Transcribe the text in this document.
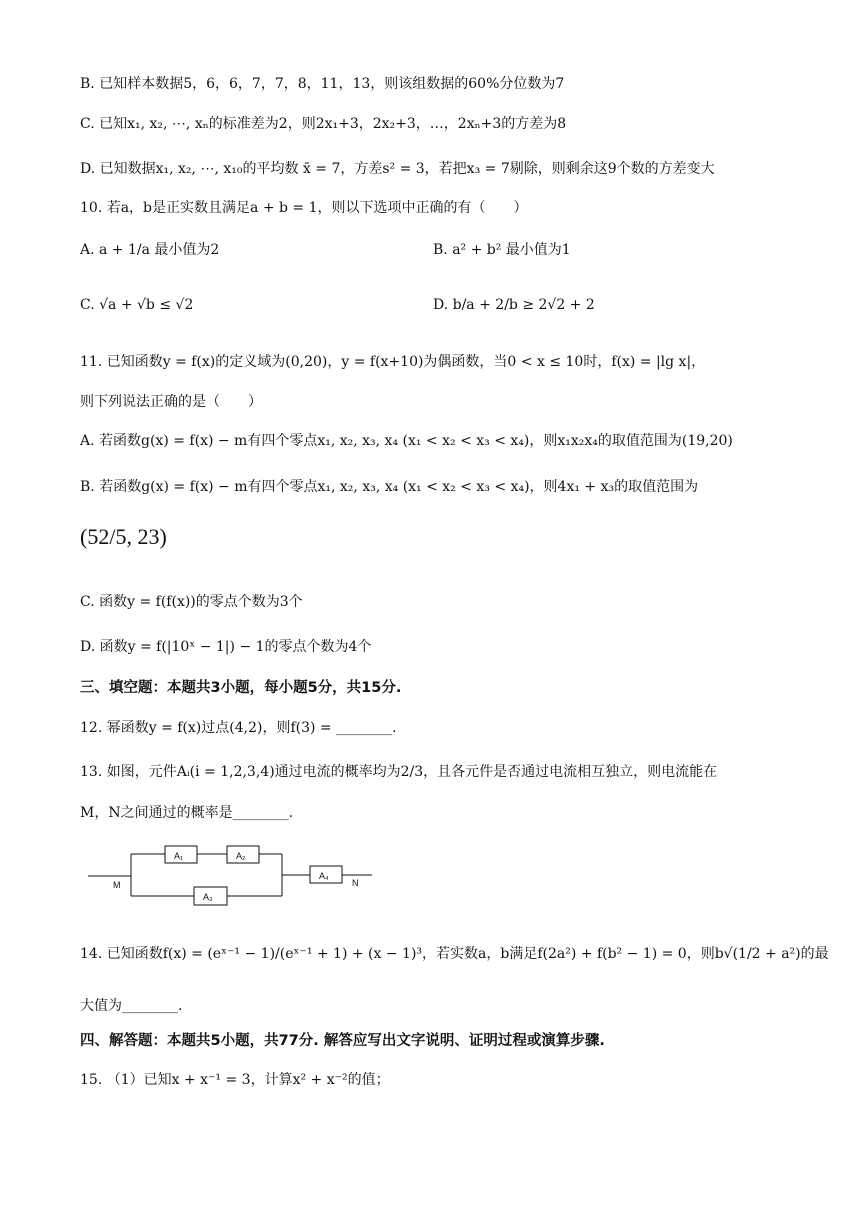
B. 已知样本数据5，6，6，7，7，8，11，13，则该组数据的60%分位数为7
C. 已知x₁, x₂, ⋯, xₙ的标准差为2，则2x₁+3，2x₂+3，…，2xₙ+3的方差为8
D. 已知数据x₁, x₂, ⋯, x₁₀的平均数 x̄ = 7，方差s² = 3，若把x₃ = 7剔除，则剩余这9个数的方差变大
10. 若a，b是正实数且满足a + b = 1，则以下选项中正确的有（　　）
A. a + 1/a 最小值为2	B. a² + b² 最小值为1
C. √a + √b ≤ √2	D. b/a + 2/b ≥ 2√2 + 2
11. 已知函数y = f(x)的定义域为(0,20)，y = f(x+10)为偶函数，当0 < x ≤ 10时，f(x) = |lg x|，
则下列说法正确的是（　　）
A. 若函数g(x) = f(x) − m有四个零点x₁, x₂, x₃, x₄ (x₁ < x₂ < x₃ < x₄)，则x₁x₂x₄的取值范围为(19,20)
B. 若函数g(x) = f(x) − m有四个零点x₁, x₂, x₃, x₄ (x₁ < x₂ < x₃ < x₄)，则4x₁ + x₃的取值范围为
(52/5, 23)
C. 函数y = f(f(x))的零点个数为3个
D. 函数y = f(|10ˣ − 1|) − 1的零点个数为4个
三、填空题：本题共3小题，每小题5分，共15分.
12. 幂函数y = f(x)过点(4,2)，则f(3) = ________.
13. 如图，元件Aᵢ(i = 1,2,3,4)通过电流的概率均为2/3，且各元件是否通过电流相互独立，则电流能在
M，N之间通过的概率是________.
A₁	A₂
A₃
A₄
M	N
14. 已知函数f(x) = (eˣ⁻¹ − 1)/(eˣ⁻¹ + 1) + (x − 1)³，若实数a，b满足f(2a²) + f(b² − 1) = 0，则b√(1/2 + a²)的最
大值为________.
四、解答题：本题共5小题，共77分. 解答应写出文字说明、证明过程或演算步骤.
15. （1）已知x + x⁻¹ = 3，计算x² + x⁻²的值；
